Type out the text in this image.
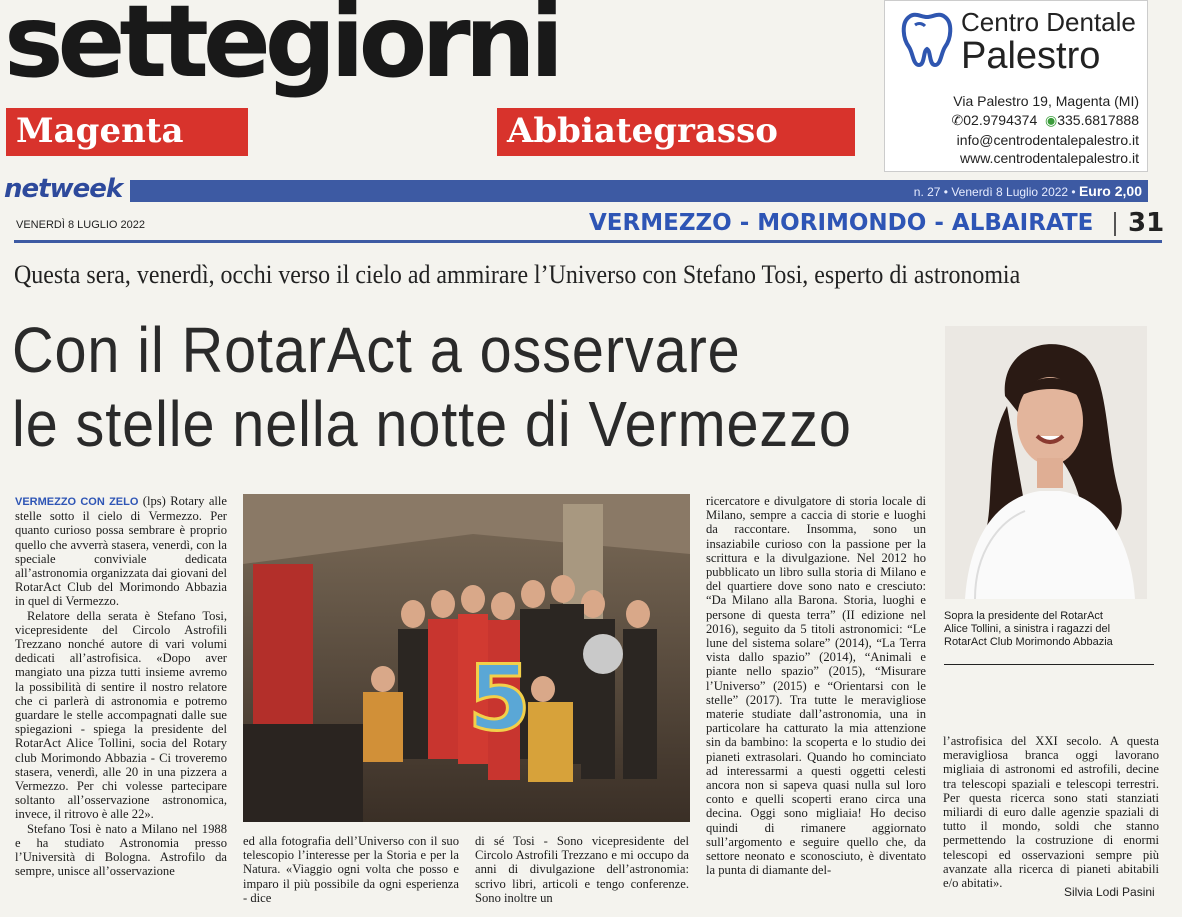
settegiorni
Magenta	Abbiategrasso
Centro Dentale
Palestro
Via Palestro 19, Magenta (MI)
✆02.9794374 ◉335.6817888
info@centrodentalepalestro.it
www.centrodentalepalestro.it
netweek	n. 27 • Venerdì 8 Luglio 2022 • Euro 2,00
VENERDÌ 8 LUGLIO 2022	VERMEZZO - MORIMONDO - ALBAIRATE 31
Questa sera, venerdì, occhi verso il cielo ad ammirare l’Universo con Stefano Tosi, esperto di astronomia
Con il RotarAct a osservare
le stelle nella notte di Vermezzo
Sopra la presidente del RotarAct
Alice Tollini, a sinistra i ragazzi del RotarAct Club Morimondo Abbazia

VERMEZZO CON ZELO (lps) Rotary alle stelle sotto il cielo di Vermezzo. Per quanto curioso possa sembrare è proprio quello che avverrà stasera, venerdì, con la speciale conviviale dedicata all’astronomia organizzata dai giovani del RotarAct Club del Morimondo Abbazia in quel di Vermezzo.

Relatore della serata è Stefano Tosi, vicepresidente del Circolo Astrofili Trezzano nonché autore di vari volumi dedicati all’astrofisica. «Dopo aver mangiato una pizza tutti insieme avremo la possibilità di sentire il nostro relatore che ci parlerà di astronomia e potremo guardare le stelle accompagnati dalle sue spiegazioni - spiega la presidente del RotarAct Alice Tollini, socia del Rotary club Morimondo Abbazia - Ci troveremo stasera, venerdì, alle 20 in una pizzera a Vermezzo. Per chi volesse partecipare soltanto all’osservazione astronomica, invece, il ritrovo è alle 22».

Stefano Tosi è nato a Milano nel 1988 e ha studiato Astronomia presso l’Università di Bologna. Astrofilo da sempre, unisce all’osservazione

5

ed alla fotografia dell’Universo con il suo telescopio l’interesse per la Storia e per la Natura. «Viaggio ogni volta che posso e imparo il più possibile da ogni esperienza - dice

di sé Tosi - Sono vicepresidente del Circolo Astrofili Trezzano e mi occupo da anni di divulgazione dell’astronomia: scrivo libri, articoli e tengo conferenze. Sono inoltre un

ricercatore e divulgatore di storia locale di Milano, sempre a caccia di storie e luoghi da raccontare. Insomma, sono un insaziabile curioso con la passione per la scrittura e la divulgazione. Nel 2012 ho pubblicato un libro sulla storia di Milano e del quartiere dove sono nato e cresciuto: “Da Milano alla Barona. Storia, luoghi e persone di questa terra” (II edizione nel 2016), seguito da 5 titoli astronomici: “Le lune del sistema solare” (2014), “La Terra vista dallo spazio” (2014), “Animali e piante nello spazio” (2015), “Misurare l’Universo” (2015) e “Orientarsi con le stelle” (2017). Tra tutte le meravigliose materie studiate dall’astronomia, una in particolare ha catturato la mia attenzione sin da bambino: la scoperta e lo studio dei pianeti extrasolari. Quando ho cominciato ad interessarmi a questi oggetti celesti ancora non si sapeva quasi nulla sul loro conto e quelli scoperti erano circa una decina. Oggi sono migliaia! Ho deciso quindi di rimanere aggiornato sull’argomento e seguire quello che, da settore neonato e sconosciuto, è diventato la punta di diamante del-

l’astrofisica del XXI secolo. A questa meravigliosa branca oggi lavorano migliaia di astronomi ed astrofili, decine tra telescopi spaziali e telescopi terrestri. Per questa ricerca sono stati stanziati miliardi di euro dalle agenzie spaziali di tutto il mondo, soldi che stanno permettendo la costruzione di enormi telescopi ed osservazioni sempre più avanzate alla ricerca di pianeti abitabili e/o abitati».

Silvia Lodi Pasini
